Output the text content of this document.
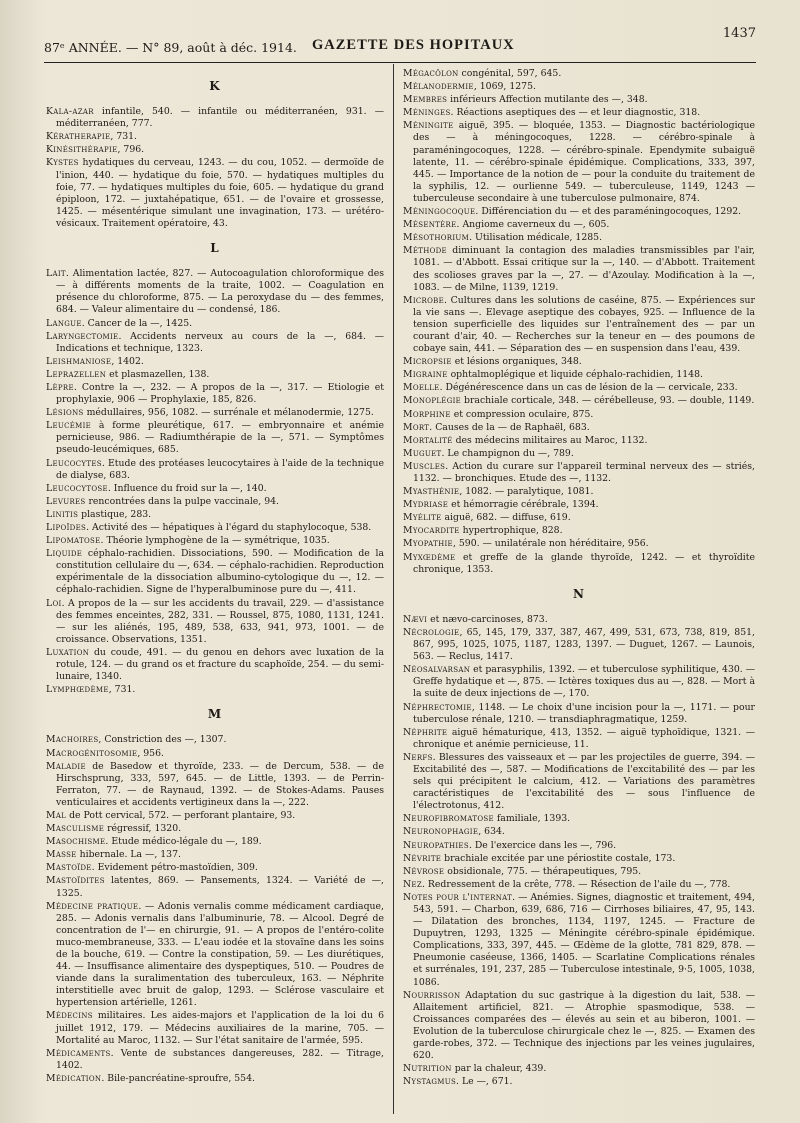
87ᵉ ANNÉE. — N° 89, août à déc. 1914. GAZETTE DES HOPITAUX
1437
K
Kala-azar infantile, 540. — infantile ou méditerranéen, 931. — méditerranéen, 777.
Kératherapie, 731.
Kinésithérapie, 796.
Kystes hydatiques du cerveau, 1243. — du cou, 1052. — dermoïde de l'inion, 440. — hydatique du foie, 570. — hydatiques multiples du foie, 77. — hydatiques multiples du foie, 605. — hydatique du grand épiploon, 172. — juxtahépatique, 651. — de l'ovaire et grossesse, 1425. — mésentérique simulant une invagination, 173. — urétéro-vésicaux. Traitement opératoire, 43.
L
Lait. Alimentation lactée, 827. — Autocoagulation chloroformique des — à différents moments de la traite, 1002. — Coagulation en présence du chloroforme, 875. — La peroxydase du — des femmes, 684. — Valeur alimentaire du — condensé, 186.
Langue. Cancer de la —, 1425.
Laryngectomie. Accidents nerveux au cours de la —, 684. — Indications et technique, 1323.
Leishmaniose, 1402.
Leprazellen et plasmazellen, 138.
Lèpre. Contre la —, 232. — A propos de la —, 317. — Etiologie et prophylaxie, 906 — Prophylaxie, 185, 826.
Lésions médullaires, 956, 1082. — surrénale et mélanodermie, 1275.
Leucémie à forme pleurétique, 617. — embryonnaire et anémie pernicieuse, 986. — Radiumthérapie de la —, 571. — Symptômes pseudo-leucémiques, 685.
Leucocytes. Etude des protéases leucocytaires à l'aide de la technique de dialyse, 683.
Leucocytose. Influence du froid sur la —, 140.
Levures rencontrées dans la pulpe vaccinale, 94.
Linitis plastique, 283.
Lipoïdes. Activité des — hépatiques à l'égard du staphylocoque, 538.
Lipomatose. Théorie lymphogène de la — symétrique, 1035.
Liquide céphalo-rachidien. Dissociations, 590. — Modification de la constitution cellulaire du —, 634. — céphalo-rachidien. Reproduction expérimentale de la dissociation albumino-cytologique du —, 12. — céphalo-rachidien. Signe de l'hyperalbuminose pure du —, 411.
Loi. A propos de la — sur les accidents du travail, 229. — d'assistance des femmes enceintes, 282, 331. — Roussel, 875, 1080, 1131, 1241. — sur les aliénés, 195, 489, 538, 633, 941, 973, 1001. — de croissance. Observations, 1351.
Luxation du coude, 491. — du genou en dehors avec luxation de la rotule, 124. — du grand os et fracture du scaphoïde, 254. — du semi-lunaire, 1340.
Lymphœdème, 731.
M
Machoires, Constriction des —, 1307.
Macrogénitosomie, 956.
Maladie de Basedow et thyroïde, 233. — de Dercum, 538. — de Hirschsprung, 333, 597, 645. — de Little, 1393. — de Perrin-Ferraton, 77. — de Raynaud, 1392. — de Stokes-Adams. Pauses venticulaires et accidents vertigineux dans la —, 222.
Mal de Pott cervical, 572. — perforant plantaire, 93.
Masculisme régressif, 1320.
Masochisme. Etude médico-légale du —, 189.
Masse hibernale. La —, 137.
Mastoïde. Evidement pétro-mastoïdien, 309.
Mastoïdites latentes, 869. — Pansements, 1324. — Variété de —, 1325.
Médecine pratique. — Adonis vernalis comme médicament cardiaque, 285. — Adonis vernalis dans l'albuminurie, 78. — Alcool. Degré de concentration de l'— en chirurgie, 91. — A propos de l'entéro-colite muco-membraneuse, 333. — L'eau iodée et la stovaïne dans les soins de la bouche, 619. — Contre la constipation, 59. — Les diurétiques, 44. — Insuffisance alimentaire des dyspeptiques, 510. — Poudres de viande dans la suralimentation des tuberculeux, 163. — Néphrite interstitielle avec bruit de galop, 1293. — Sclérose vasculaire et hypertension artérielle, 1261.
Médecins militaires. Les aides-majors et l'application de la loi du 6 juillet 1912, 179. — Médecins auxiliaires de la marine, 705. — Mortalité au Maroc, 1132. — Sur l'état sanitaire de l'armée, 595.
Médicaments. Vente de substances dangereuses, 282. — Titrage, 1402.
Médication. Bile-pancréatine-sproufre, 554.
Mégacôlon congénital, 597, 645.
Mélanodermie, 1069, 1275.
Membres inférieurs Affection mutilante des —, 348.
Méninges. Réactions aseptiques des — et leur diagnostic, 318.
Méningite aiguë, 395. — bloquée, 1353. — Diagnostic bactériologique des — à méningocoques, 1228. — cérébro-spinale à paraméningocoques, 1228. — cérébro-spinale. Ependymite subaiguë latente, 11. — cérébro-spinale épidémique. Complications, 333, 397, 445. — Importance de la notion de — pour la conduite du traitement de la syphilis, 12. — ourlienne 549. — tuberculeuse, 1149, 1243 — tuberculeuse secondaire à une tuberculose pulmonaire, 874.
Méningocoque. Différenciation du — et des paraméningocoques, 1292.
Mésentère. Angiome caverneux du —, 605.
Mésothorium. Utilisation médicale, 1285.
Méthode diminuant la contagion des maladies transmissibles par l'air, 1081. — d'Abbott. Essai critique sur la —, 140. — d'Abbott. Traitement des scolioses graves par la —, 27. — d'Azoulay. Modification à la —, 1083. — de Milne, 1139, 1219.
Microbe. Cultures dans les solutions de caséine, 875. — Expériences sur la vie sans —. Elevage aseptique des cobayes, 925. — Influence de la tension superficielle des liquides sur l'entraînement des — par un courant d'air, 40. — Recherches sur la teneur en — des poumons de cobaye sain, 441. — Séparation des — en suspension dans l'eau, 439.
Micropsie et lésions organiques, 348.
Migraine ophtalmoplégique et liquide céphalo-rachidien, 1148.
Moelle. Dégénérescence dans un cas de lésion de la — cervicale, 233.
Monoplégie brachiale corticale, 348. — cérébelleuse, 93. — double, 1149.
Morphine et compression oculaire, 875.
Mort. Causes de la — de Raphaël, 683.
Mortalité des médecins militaires au Maroc, 1132.
Muguet. Le champignon du —, 789.
Muscles. Action du curare sur l'appareil terminal nerveux des — striés, 1132. — bronchiques. Etude des —, 1132.
Myasthénie, 1082. — paralytique, 1081.
Mydriase et hémorragie cérébrale, 1394.
Myélite aiguë, 682. — diffuse, 619.
Myocardite hypertrophique, 828.
Myopathie, 590. — unilatérale non héréditaire, 956.
Myxœdème et greffe de la glande thyroïde, 1242. — et thyroïdite chronique, 1353.
N
Nævi et nævo-carcinoses, 873.
Nécrologie, 65, 145, 179, 337, 387, 467, 499, 531, 673, 738, 819, 851, 867, 995, 1025, 1075, 1187, 1283, 1397. — Duguet, 1267. — Launois, 563. — Reclus, 1417.
Néosalvarsan et parasyphilis, 1392. — et tuberculose syphilitique, 430. — Greffe hydatique et —, 875. — Ictères toxiques dus au —, 828. — Mort à la suite de deux injections de —, 170.
Néphrectomie, 1148. — Le choix d'une incision pour la —, 1171. — pour tuberculose rénale, 1210. — transdiaphragmatique, 1259.
Néphrite aiguë hématurique, 413, 1352. — aiguë typhoïdique, 1321. — chronique et anémie pernicieuse, 11.
Nerfs. Blessures des vaisseaux et — par les projectiles de guerre, 394. — Excitabilité des —, 587. — Modifications de l'excitabilité des — par les sels qui précipitent le calcium, 412. — Variations des paramètres caractéristiques de l'excitabilité des — sous l'influence de l'électrotonus, 412.
Neurofibromatose familiale, 1393.
Neuronophagie, 634.
Neuropathies. De l'exercice dans les —, 796.
Névrite brachiale excitée par une périostite costale, 173.
Névrose obsidionale, 775. — thérapeutiques, 795.
Nez. Redressement de la crête, 778. — Résection de l'aile du —, 778.
Notes pour l'internat. — Anémies. Signes, diagnostic et traitement, 494, 543, 591. — Charbon, 639, 686, 716 — Cirrhoses biliaires, 47, 95, 143. — Dilatation des bronches, 1134, 1197, 1245. — Fracture de Dupuytren, 1293, 1325 — Méningite cérébro-spinale épidémique. Complications, 333, 397, 445. — Œdème de la glotte, 781 829, 878. — Pneumonie caséeuse, 1366, 1405. — Scarlatine Complications rénales et surrénales, 191, 237, 285 — Tuberculose intestinale, 9·5, 1005, 1038, 1086.
Nourrisson Adaptation du suc gastrique à la digestion du lait, 538. — Allaitement artificiel, 821. — Atrophie spasmodique, 538. — Croissances comparées des — élevés au sein et au biberon, 1001. — Evolution de la tuberculose chirurgicale chez le —, 825. — Examen des garde-robes, 372. — Technique des injections par les veines jugulaires, 620.
Nutrition par la chaleur, 439.
Nystagmus. Le —, 671.
